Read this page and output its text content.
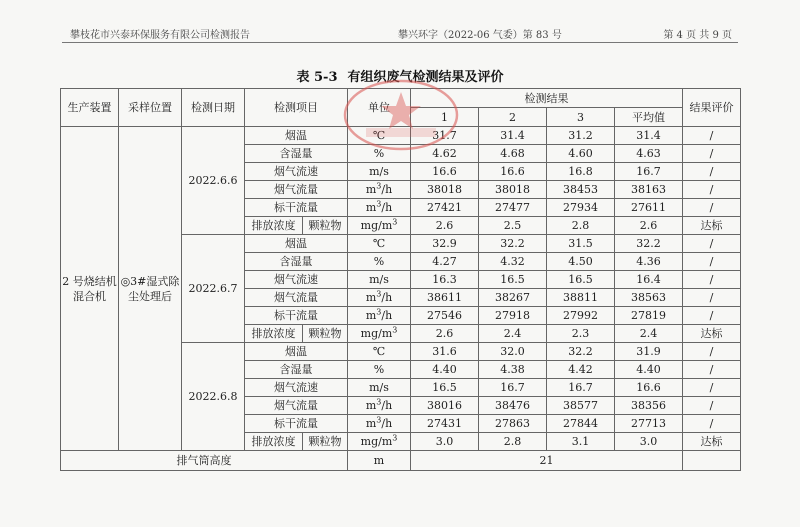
攀枝花市兴泰环保服务有限公司检测报告	攀兴环字（2022-06 气委）第 83 号	第 4 页 共 9 页
表 5-3 有组织废气检测结果及评价
生产装置	采样位置	检测日期	检测项目		单位	检测结果				结果评价
						1	2	3	平均值	
2 号烧结机混合机	◎3#湿式除尘处理后	2022.6.6	烟温		℃	31.7	31.4	31.2	31.4	/
			含湿量		%	4.62	4.68	4.60	4.63	/
			烟气流速		m/s	16.6	16.6	16.8	16.7	/
			烟气流量		$m^3/h$	38018	38018	38453	38163	/
			标干流量		$m^3/h$	27421	27477	27934	27611	/
			排放浓度	颗粒物	$mg/m^3$	2.6	2.5	2.8	2.6	达标
		2022.6.7	烟温		℃	32.9	32.2	31.5	32.2	/
			含湿量		%	4.27	4.32	4.50	4.36	/
			烟气流速		m/s	16.3	16.5	16.5	16.4	/
			烟气流量		$m^3/h$	38611	38267	38811	38563	/
			标干流量		$m^3/h$	27546	27918	27992	27819	/
			排放浓度	颗粒物	$mg/m^3$	2.6	2.4	2.3	2.4	达标
		2022.6.8	烟温		℃	31.6	32.0	32.2	31.9	/
			含湿量		%	4.40	4.38	4.42	4.40	/
			烟气流速		m/s	16.5	16.7	16.7	16.6	/
			烟气流量		$m^3/h$	38016	38476	38577	38356	/
			标干流量		$m^3/h$	27431	27863	27844	27713	/
			排放浓度	颗粒物	$mg/m^3$	3.0	2.8	3.1	3.0	达标
排气筒高度					m	21				
